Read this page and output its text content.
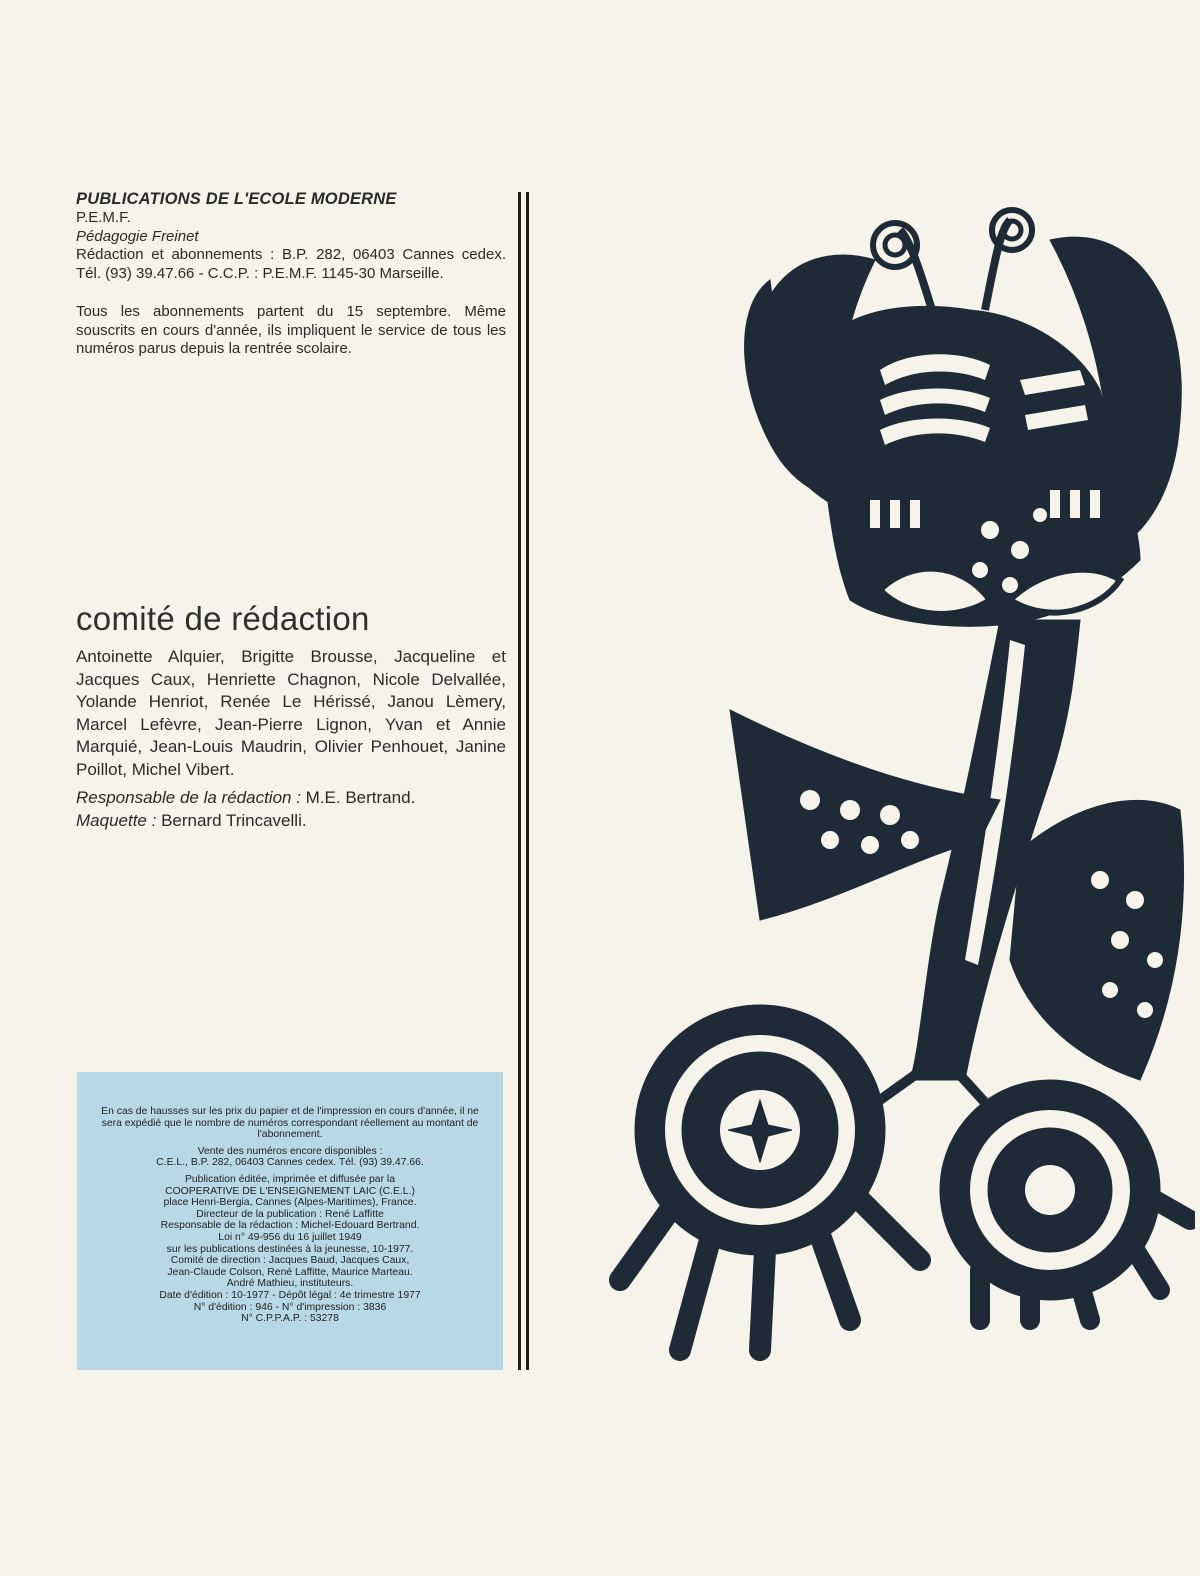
PUBLICATIONS DE L'ECOLE MODERNE

P.E.M.F.

Pédagogie Freinet

Rédaction et abonnements : B.P. 282, 06403 Cannes cedex. Tél. (93) 39.47.66 - C.C.P. : P.E.M.F. 1145-30 Marseille.

Tous les abonnements partent du 15 septembre. Même souscrits en cours d'année, ils impliquent le service de tous les numéros parus depuis la rentrée scolaire.

comité de rédaction

Antoinette Alquier, Brigitte Brousse, Jacqueline et Jacques Caux, Henriette Chagnon, Nicole Delvallée, Yolande Henriot, Renée Le Hérissé, Janou Lèmery, Marcel Lefèvre, Jean-Pierre Lignon, Yvan et Annie Marquié, Jean-Louis Maudrin, Olivier Penhouet, Janine Poillot, Michel Vibert.

Responsable de la rédaction : M.E. Bertrand.

Maquette : Bernard Trincavelli.

En cas de hausses sur les prix du papier et de l'impression en cours d'année, il ne sera expédié que le nombre de numéros correspondant réellement au montant de l'abonnement.

Vente des numéros encore disponibles :
C.E.L., B.P. 282, 06403 Cannes cedex. Tél. (93) 39.47.66.

Publication éditée, imprimée et diffusée par la
COOPERATIVE DE L'ENSEIGNEMENT LAIC (C.E.L.)
place Henri-Bergia, Cannes (Alpes-Maritimes), France.
Directeur de la publication : René Laffitte
Responsable de la rédaction : Michel-Edouard Bertrand.
Loi n° 49-956 du 16 juillet 1949
sur les publications destinées à la jeunesse, 10-1977.
Comité de direction : Jacques Baud, Jacques Caux,
Jean-Claude Colson, René Laffitte, Maurice Marteau.
André Mathieu, instituteurs.
Date d'édition : 10-1977 - Dépôt légal : 4e trimestre 1977
N° d'édition : 946 - N° d'impression : 3836
N° C.P.P.A.P. : 53278
